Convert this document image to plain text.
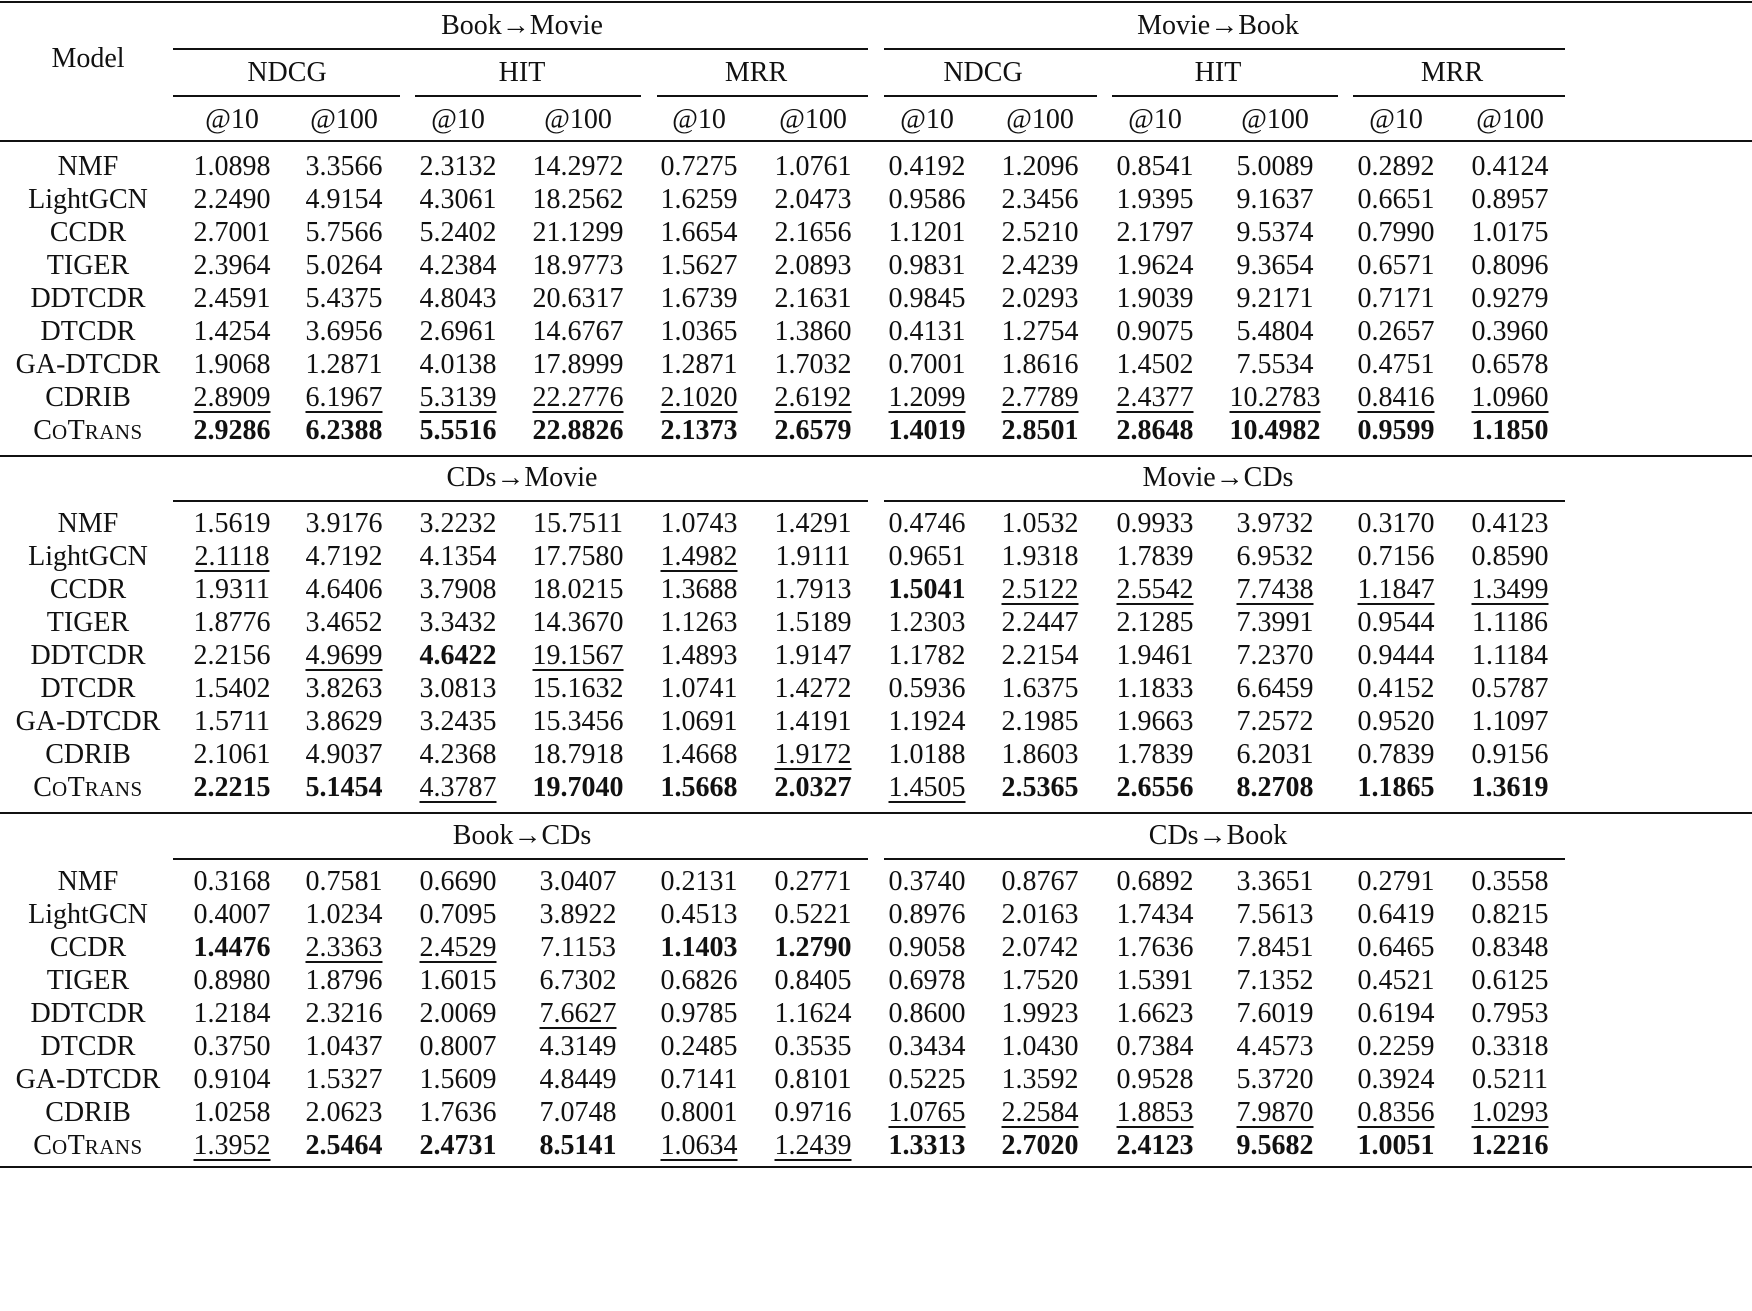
Model
Book→Movie	Movie→Book
NDCG	HIT	MRR	NDCG	HIT	MRR
@10 @100 @10 @100 @10 @100 @10 @100 @10 @100 @10 @100
NMF	1.0898 3.3566 2.3132 14.2972 0.7275 1.0761 0.4192 1.2096 0.8541 5.0089 0.2892 0.4124
LightGCN 2.2490 4.9154 4.3061 18.2562 1.6259 2.0473 0.9586 2.3456 1.9395 9.1637 0.6651 0.8957
CCDR 2.7001 5.7566 5.2402 21.1299 1.6654 2.1656 1.1201 2.5210 2.1797 9.5374 0.7990 1.0175
TIGER 2.3964 5.0264 4.2384 18.9773 1.5627 2.0893 0.9831 2.4239 1.9624 9.3654 0.6571 0.8096
DDTCDR 2.4591 5.4375 4.8043 20.6317 1.6739 2.1631 0.9845 2.0293 1.9039 9.2171 0.7171 0.9279
DTCDR 1.4254 3.6956 2.6961 14.6767 1.0365 1.3860 0.4131 1.2754 0.9075 5.4804 0.2657 0.3960
GA-DTCDR 1.9068 1.2871 4.0138 17.8999 1.2871 1.7032 0.7001 1.8616 1.4502 7.5534 0.4751 0.6578
CDRIB 2.8909 6.1967 5.3139 22.2776 2.1020 2.6192 1.2099 2.7789 2.4377 10.2783 0.8416 1.0960
COTRANS 2.9286 6.2388 5.5516 22.8826 2.1373 2.6579 1.4019 2.8501 2.8648 10.4982 0.9599 1.1850
CDs→Movie	Movie→CDs
NMF	1.5619 3.9176 3.2232 15.7511 1.0743 1.4291 0.4746 1.0532 0.9933 3.9732 0.3170 0.4123
LightGCN 2.1118 4.7192 4.1354 17.7580 1.4982 1.9111 0.9651 1.9318 1.7839 6.9532 0.7156 0.8590
CCDR 1.9311 4.6406 3.7908 18.0215 1.3688 1.7913 1.5041 2.5122 2.5542 7.7438 1.1847 1.3499
TIGER 1.8776 3.4652 3.3432 14.3670 1.1263 1.5189 1.2303 2.2447 2.1285 7.3991 0.9544 1.1186
DDTCDR 2.2156 4.9699 4.6422 19.1567 1.4893 1.9147 1.1782 2.2154 1.9461 7.2370 0.9444 1.1184
DTCDR 1.5402 3.8263 3.0813 15.1632 1.0741 1.4272 0.5936 1.6375 1.1833 6.6459 0.4152 0.5787
GA-DTCDR 1.5711 3.8629 3.2435 15.3456 1.0691 1.4191 1.1924 2.1985 1.9663 7.2572 0.9520 1.1097
CDRIB 2.1061 4.9037 4.2368 18.7918 1.4668 1.9172 1.0188 1.8603 1.7839 6.2031 0.7839 0.9156
COTRANS 2.2215 5.1454 4.3787 19.7040 1.5668 2.0327 1.4505 2.5365 2.6556 8.2708 1.1865 1.3619
Book→CDs	CDs→Book
NMF	0.3168 0.7581 0.6690 3.0407 0.2131 0.2771 0.3740 0.8767 0.6892 3.3651 0.2791 0.3558
LightGCN 0.4007 1.0234 0.7095 3.8922 0.4513 0.5221 0.8976 2.0163 1.7434 7.5613 0.6419 0.8215
CCDR 1.4476 2.3363 2.4529 7.1153 1.1403 1.2790 0.9058 2.0742 1.7636 7.8451 0.6465 0.8348
TIGER 0.8980 1.8796 1.6015 6.7302 0.6826 0.8405 0.6978 1.7520 1.5391 7.1352 0.4521 0.6125
DDTCDR 1.2184 2.3216 2.0069 7.6627 0.9785 1.1624 0.8600 1.9923 1.6623 7.6019 0.6194 0.7953
DTCDR 0.3750 1.0437 0.8007 4.3149 0.2485 0.3535 0.3434 1.0430 0.7384 4.4573 0.2259 0.3318
GA-DTCDR 0.9104 1.5327 1.5609 4.8449 0.7141 0.8101 0.5225 1.3592 0.9528 5.3720 0.3924 0.5211
CDRIB 1.0258 2.0623 1.7636 7.0748 0.8001 0.9716 1.0765 2.2584 1.8853 7.9870 0.8356 1.0293
COTRANS 1.3952 2.5464 2.4731 8.5141 1.0634 1.2439 1.3313 2.7020 2.4123 9.5682 1.0051 1.2216
